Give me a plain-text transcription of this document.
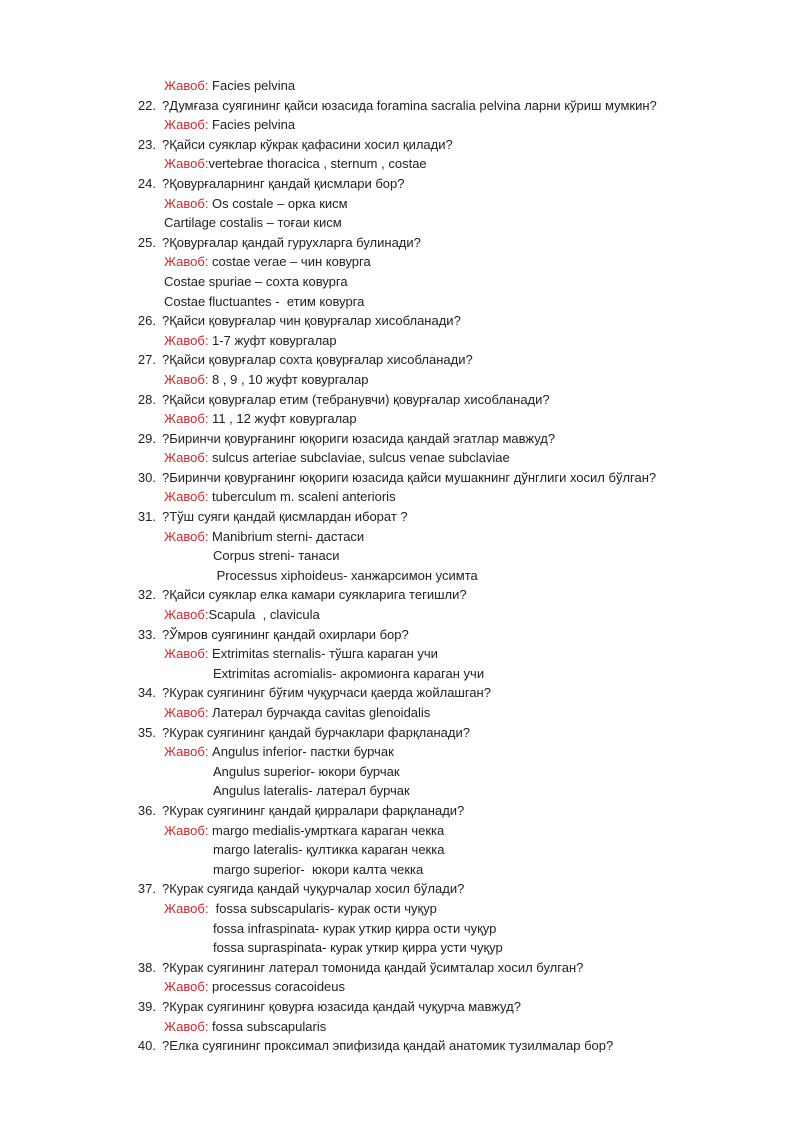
Жавоб: Facies pelvina
22. ?Думғаза суягининг қайси юзасида foramina sacralia pelvina ларни кўриш мумкин?
Жавоб: Facies pelvina
23. ?Қайси суяклар кўкрак қафасини хосил қилади?
Жавоб:vertebrae thoracica , sternum , costae
24. ?Қовурғаларнинг қандай қисмлари бор?
Жавоб: Os costale – орка кисм
Cartilage costalis – тоғаи кисм
25. ?Қовурғалар қандай гурухларга булинади?
Жавоб: costae verae – чин ковурга
Costae spuriae – сохта ковурга
Costae fluctuantes -  етим ковурга
26. ?Қайси қовурғалар чин қовурғалар хисобланади?
Жавоб: 1-7 жуфт ковургалар
27. ?Қайси қовурғалар сохта қовурғалар хисобланади?
Жавоб: 8 , 9 , 10 жуфт ковургалар
28. ?Қайси қовурғалар етим (тебранувчи) қовурғалар хисобланади?
Жавоб: 11 , 12 жуфт ковургалар
29. ?Биринчи қовурғанинг юқориги юзасида қандай эгатлар мавжуд?
Жавоб: sulcus arteriae subclaviae, sulcus venae subclaviae
30. ?Биринчи қовурғанинг юқориги юзасида қайси мушакнинг дўнглиги хосил бўлган?
Жавоб: tuberculum m. scaleni anterioris
31. ?Тўш суяги қандай қисмлардан иборат ?
Жавоб: Manibrium sterni- дастаси
Corpus streni- танаси
Processus xiphoideus- ханжарсимон усимта
32. ?Қайси суяклар елка камари суякларига тегишли?
Жавоб:Scapula  , clavicula
33. ?Ўмров суягининг қандай охирлари бор?
Жавоб: Extrimitas sternalis- тўшга караган учи
Extrimitas acromialis- акромионга караган учи
34. ?Курак суягининг бўғим чуқурчаси қаерда жойлашган?
Жавоб: Латерал бурчакда cavitas glenoidalis
35. ?Курак суягининг қандай бурчаклари фарқланади?
Жавоб: Angulus inferior- пастки бурчак
Angulus superior- юкори бурчак
Angulus lateralis- латерал бурчак
36. ?Курак суягининг қандай қирралари фарқланади?
Жавоб: margo medialis-умрткага караган чекка
margo lateralis- қултикка караган чекка
margo superior-  юкори калта чекка
37. ?Курак суягида қандай чуқурчалар хосил бўлади?
Жавоб:  fossa subscapularis- курак ости чуқур
fossa infraspinata- курак уткир қирра ости чуқур
fossa supraspinata- курак уткир қирра усти чуқур
38. ?Курак суягининг латерал томонида қандай ўсимталар хосил булган?
Жавоб: processus coracoideus
39. ?Курак суягининг қовурға юзасида қандай чуқурча мавжуд?
Жавоб: fossa subscapularis
40. ?Елка суягининг проксимал эпифизида қандай анатомик тузилмалар бор?
